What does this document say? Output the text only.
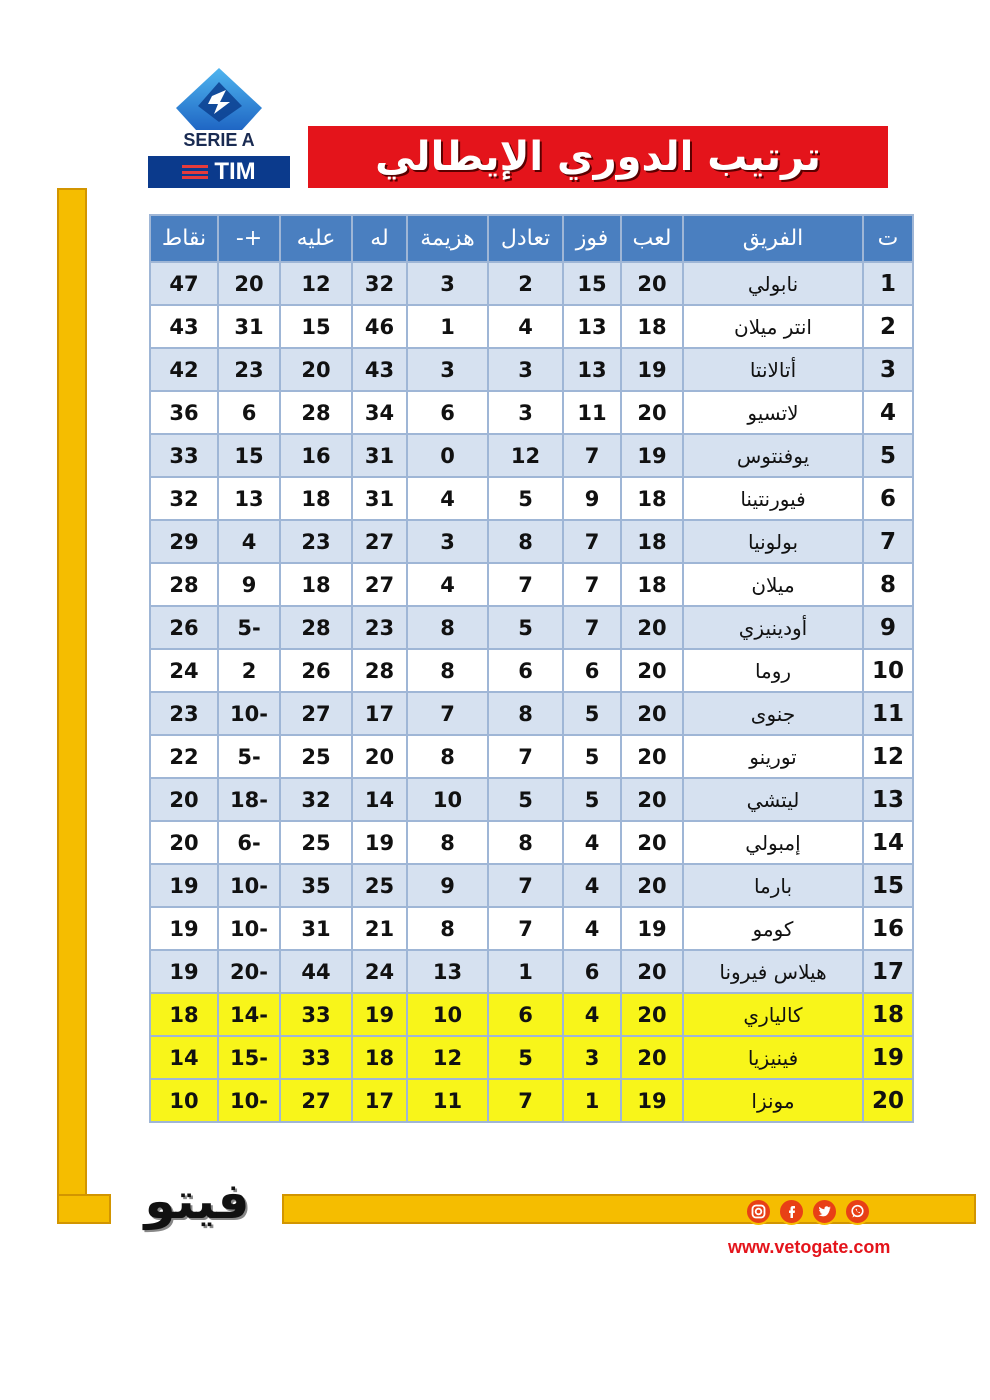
SERIE A
TIM	ترتيب الدوري الإيطالي
ت	الفريق	لعب	فوز	تعادل	هزيمة	له	عليه	+-	نقاط
1	نابولي	20	15	2	3	32	12	20	47
2	انتر ميلان	18	13	4	1	46	15	31	43
3	أتالانتا	19	13	3	3	43	20	23	42
4	لاتسيو	20	11	3	6	34	28	6	36
5	يوفنتوس	19	7	12	0	31	16	15	33
6	فيورنتينا	18	9	5	4	31	18	13	32
7	بولونيا	18	7	8	3	27	23	4	29
8	ميلان	18	7	7	4	27	18	9	28
9	أودينيزي	20	7	5	8	23	28	-5	26
10	روما	20	6	6	8	28	26	2	24
11	جنوى	20	5	8	7	17	27	-10	23
12	تورينو	20	5	7	8	20	25	-5	22
13	ليتشي	20	5	5	10	14	32	-18	20
14	إمبولي	20	4	8	8	19	25	-6	20
15	بارما	20	4	7	9	25	35	-10	19
16	كومو	19	4	7	8	21	31	-10	19
17	هيلاس فيرونا	20	6	1	13	24	44	-20	19
18	كالياري	20	4	6	10	19	33	-14	18
19	فينيزيا	20	3	5	12	18	33	-15	14
20	مونزا	19	1	7	11	17	27	-10	10
فيتو
www.vetogate.com
